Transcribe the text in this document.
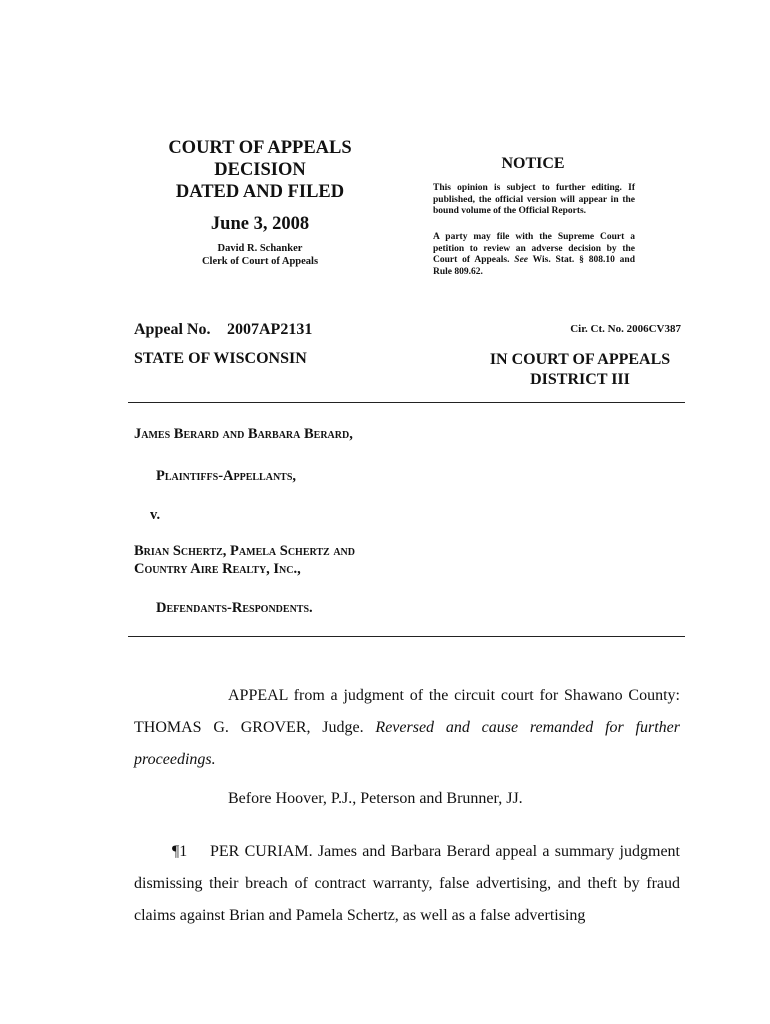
COURT OF APPEALS
DECISION
DATED AND FILED
June 3, 2008
David R. Schanker
Clerk of Court of Appeals
NOTICE
This opinion is subject to further editing. If published, the official version will appear in the bound volume of the Official Reports.
A party may file with the Supreme Court a petition to review an adverse decision by the Court of Appeals. See Wis. Stat. § 808.10 and Rule 809.62.
Appeal No. 2007AP2131	Cir. Ct. No. 2006CV387
STATE OF WISCONSIN	IN COURT OF APPEALS
DISTRICT III
James Berard and Barbara Berard,
Plaintiffs-Appellants,
v.
Brian Schertz, Pamela Schertz and
Country Aire Realty, Inc.,
Defendants-Respondents.
APPEAL from a judgment of the circuit court for Shawano County: THOMAS G. GROVER, Judge. Reversed and cause remanded for further proceedings.
Before Hoover, P.J., Peterson and Brunner, JJ.
¶1 PER CURIAM. James and Barbara Berard appeal a summary judgment dismissing their breach of contract warranty, false advertising, and theft by fraud claims against Brian and Pamela Schertz, as well as a false advertising
